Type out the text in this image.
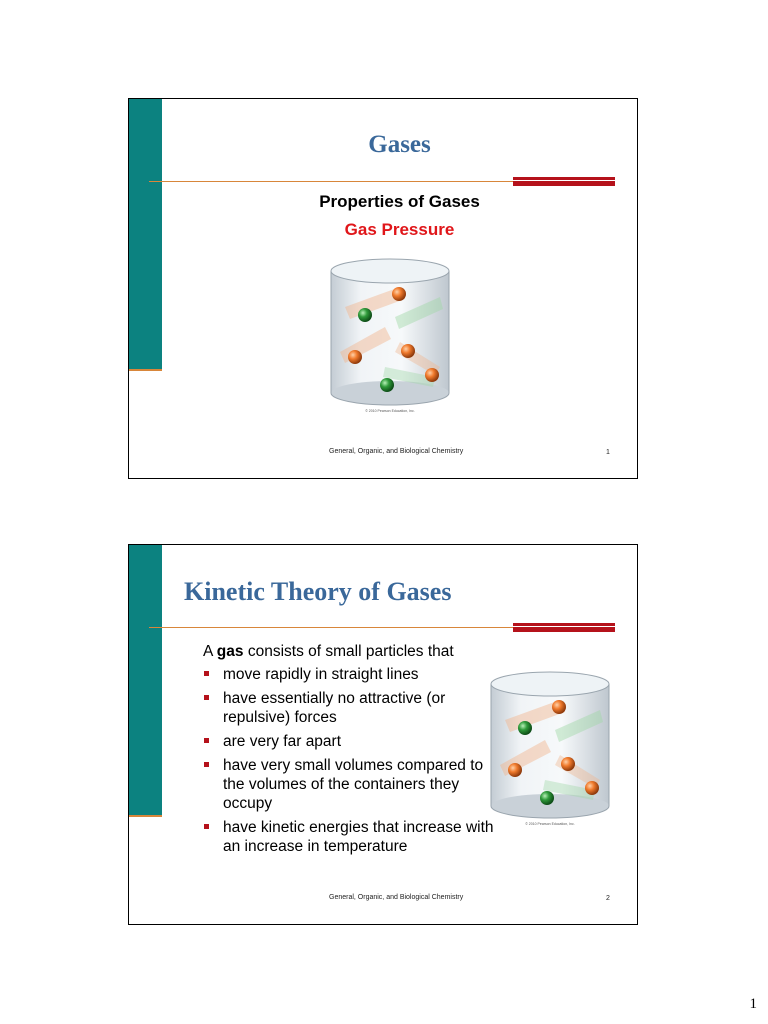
Gases
Properties of Gases
Gas Pressure
© 2010 Pearson Education, Inc.
General, Organic, and Biological Chemistry	1
Kinetic Theory of Gases

A gas consists of small particles that

move rapidly in straight lines
have essentially no attractive (or repulsive) forces
are very far apart
have very small volumes compared to the volumes of the containers they occupy
have kinetic energies that increase with an increase in temperature
© 2010 Pearson Education, Inc.
General, Organic, and Biological Chemistry	2
1
